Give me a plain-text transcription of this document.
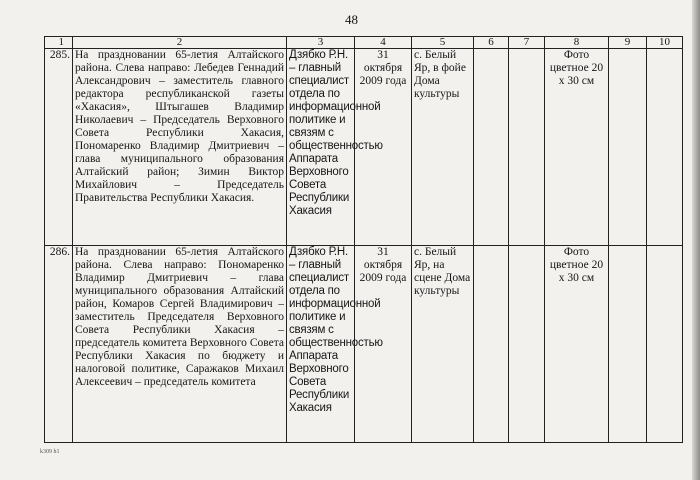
48
1	2	3	4	5	6	7	8	9	10
285.	На праздновании 65-летия Алтайского района. Слева направо: Лебедев Геннадий Александрович – заместитель главного редактора республиканской газеты «Хакасия», Штыгашев Владимир Николаевич – Председатель Верховного Совета Республики Хакасия, Пономаренко Владимир Дмитриевич – глава муниципального образования Алтайский район; Зимин Виктор Михайлович – Председатель Правительства Республики Хакасия.	Дзябко Р.Н. – главный специалист отдела по информационной политике и связям с общественностью Аппарата Верховного Совета Республики Хакасия	31 октября 2009 года	с. Белый Яр, в фойе Дома культуры			Фото цветное 20 х 30 см		
286.	На праздновании 65-летия Алтайского района. Слева направо: Пономаренко Владимир Дмитриевич – глава муниципального образования Алтайский район, Комаров Сергей Владимирович – заместитель Председателя Верховного Совета Республики Хакасия – председатель комитета Верховного Совета Республики Хакасия по бюджету и налоговой политике, Саражаков Михаил Алексеевич – председатель комитета	Дзябко Р.Н. – главный специалист отдела по информационной политике и связям с общественностью Аппарата Верховного Совета Республики Хакасия	31 октября 2009 года	с. Белый Яр, на сцене Дома культуры			Фото цветное 20 х 30 см		
k309 h1
